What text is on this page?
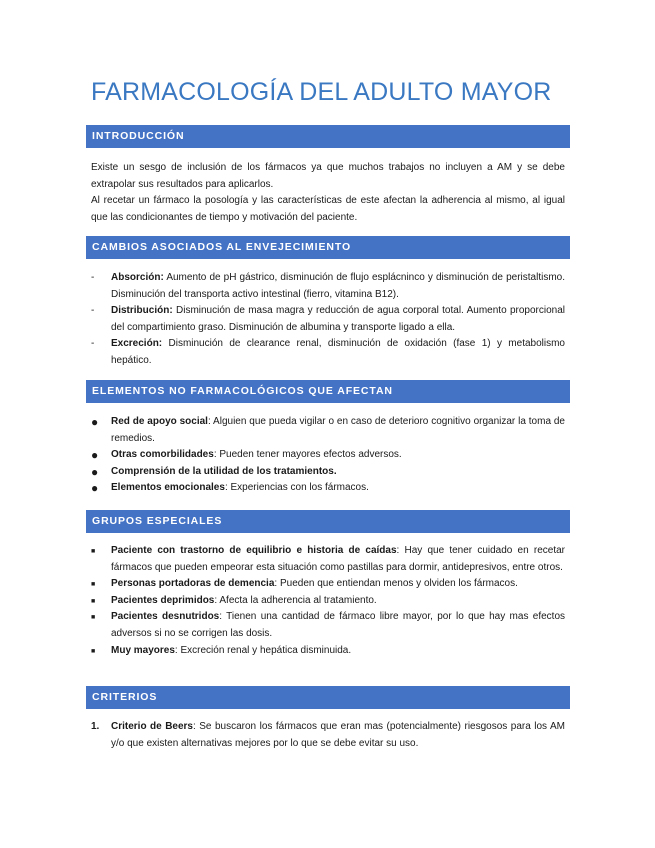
FARMACOLOGÍA DEL ADULTO MAYOR
INTRODUCCIÓN

Existe un sesgo de inclusión de los fármacos ya que muchos trabajos no incluyen a AM y se debe extrapolar sus resultados para aplicarlos.

Al recetar un fármaco la posología y las características de este afectan la adherencia al mismo, al igual que las condicionantes de tiempo y motivación del paciente.

CAMBIOS ASOCIADOS AL ENVEJECIMIENTO
- Absorción: Aumento de pH gástrico, disminución de flujo esplácninco y disminución de peristaltismo. Disminución del transporta activo intestinal (fierro, vitamina B12).
- Distribución: Disminución de masa magra y reducción de agua corporal total. Aumento proporcional del compartimiento graso. Disminución de albumina y transporte ligado a ella.
- Excreción: Disminución de clearance renal, disminución de oxidación (fase 1) y metabolismo hepático.
ELEMENTOS NO FARMACOLÓGICOS QUE AFECTAN
● Red de apoyo social: Alguien que pueda vigilar o en caso de deterioro cognitivo organizar la toma de remedios.
● Otras comorbilidades: Pueden tener mayores efectos adversos.
● Comprensión de la utilidad de los tratamientos.
● Elementos emocionales: Experiencias con los fármacos.
GRUPOS ESPECIALES
■ Paciente con trastorno de equilibrio e historia de caídas: Hay que tener cuidado en recetar fármacos que pueden empeorar esta situación como pastillas para dormir, antidepresivos, entre otros.
■ Personas portadoras de demencia: Pueden que entiendan menos y olviden los fármacos.
■ Pacientes deprimidos: Afecta la adherencia al tratamiento.
■ Pacientes desnutridos: Tienen una cantidad de fármaco libre mayor, por lo que hay mas efectos adversos si no se corrigen las dosis.
■ Muy mayores: Excreción renal y hepática disminuida.
CRITERIOS
1. Criterio de Beers: Se buscaron los fármacos que eran mas (potencialmente) riesgosos para los AM y/o que existen alternativas mejores por lo que se debe evitar su uso.
